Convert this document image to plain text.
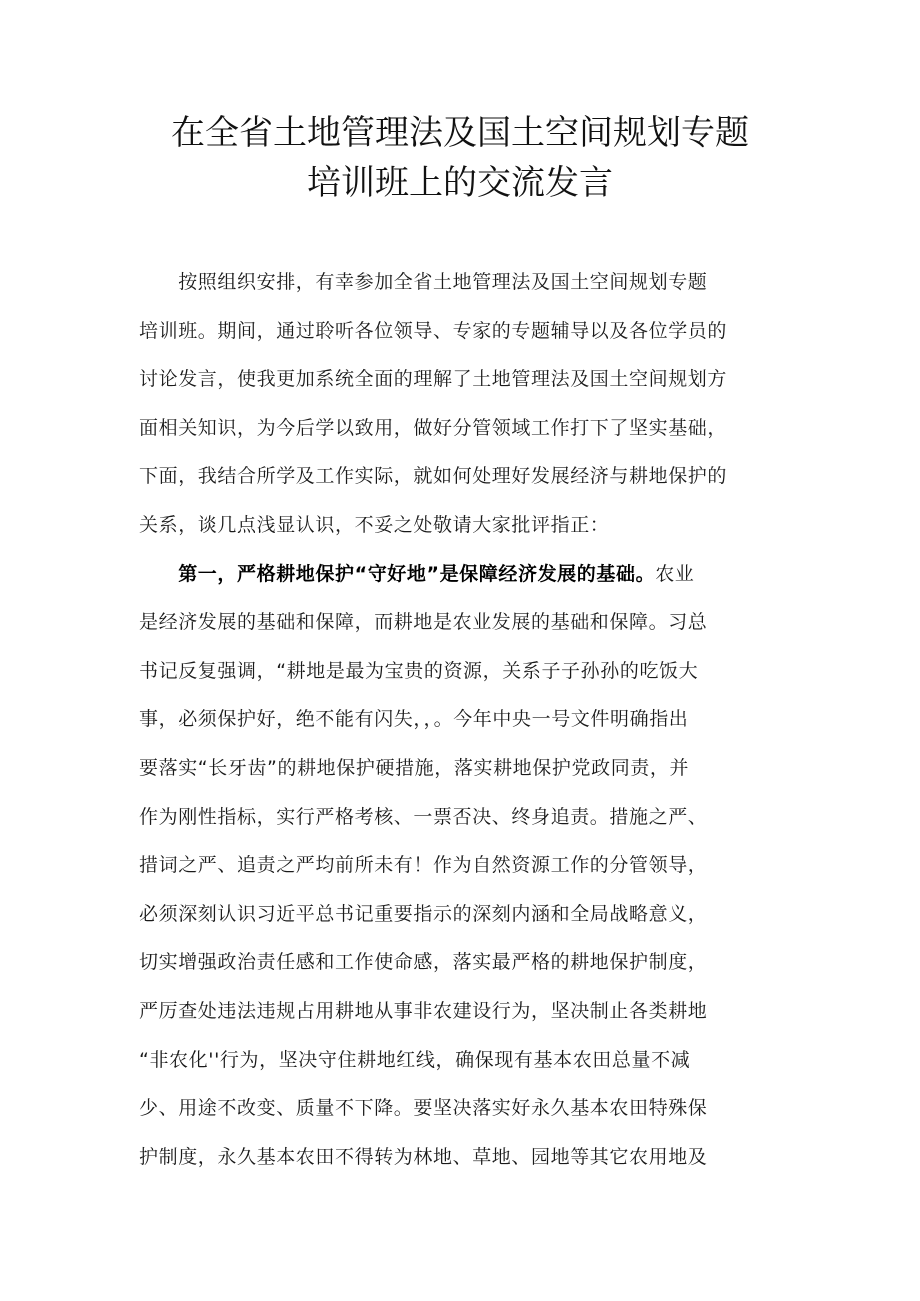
在全省土地管理法及国土空间规划专题
培训班上的交流发言
　　按照组织安排，有幸参加全省土地管理法及国土空间规划专题
培训班。期间，通过聆听各位领导、专家的专题辅导以及各位学员的
讨论发言，使我更加系统全面的理解了土地管理法及国土空间规划方
面相关知识，为今后学以致用，做好分管领域工作打下了坚实基础，
下面，我结合所学及工作实际，就如何处理好发展经济与耕地保护的
关系，谈几点浅显认识，不妥之处敬请大家批评指正：
　　第一，严格耕地保护“守好地”是保障经济发展的基础。农业
是经济发展的基础和保障，而耕地是农业发展的基础和保障。习总
书记反复强调，“耕地是最为宝贵的资源，关系子子孙孙的吃饭大
事，必须保护好，绝不能有闪失，，。今年中央一号文件明确指出
要落实“长牙齿”的耕地保护硬措施，落实耕地保护党政同责，并
作为刚性指标，实行严格考核、一票否决、终身追责。措施之严、
措词之严、追责之严均前所未有！作为自然资源工作的分管领导，
必须深刻认识习近平总书记重要指示的深刻内涵和全局战略意义，
切实增强政治责任感和工作使命感，落实最严格的耕地保护制度，
严厉查处违法违规占用耕地从事非农建设行为，坚决制止各类耕地
“非农化''行为，坚决守住耕地红线，确保现有基本农田总量不减
少、用途不改变、质量不下降。要坚决落实好永久基本农田特殊保
护制度，永久基本农田不得转为林地、草地、园地等其它农用地及
